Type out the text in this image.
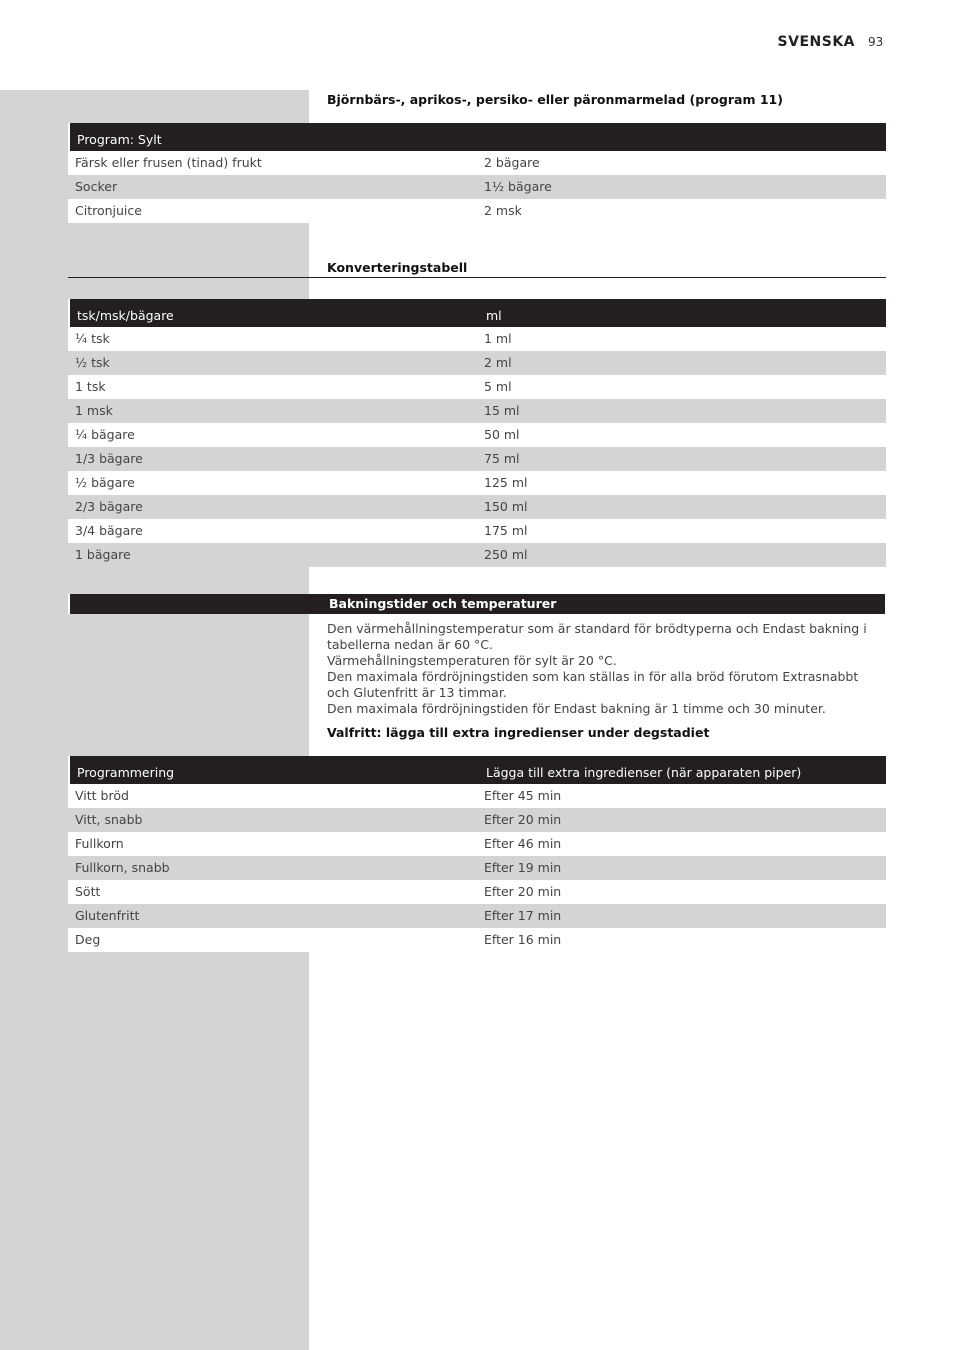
SVENSKA 93
Björnbärs-, aprikos-, persiko- eller päronmarmelad (program 11)
Program: Sylt
Färsk eller frusen (tinad) frukt	2 bägare
Socker	1½ bägare
Citronjuice	2 msk
Konverteringstabell
tsk/msk/bägare	ml
¼ tsk	1 ml
½ tsk	2 ml
1 tsk	5 ml
1 msk	15 ml
¼ bägare	50 ml
1/3 bägare	75 ml
½ bägare	125 ml
2/3 bägare	150 ml
3/4 bägare	175 ml
1 bägare	250 ml
Bakningstider och temperaturer

Den värmehållningstemperatur som är standard för brödtyperna och Endast bakning i tabellerna nedan är 60 °C.

Värmehållningstemperaturen för sylt är 20 °C.

Den maximala fördröjningstiden som kan ställas in för alla bröd förutom Extrasnabbt och Glutenfritt är 13 timmar.

Den maximala fördröjningstiden för Endast bakning är 1 timme och 30 minuter.

Valfritt: lägga till extra ingredienser under degstadiet
Programmering	Lägga till extra ingredienser (när apparaten piper)
Vitt bröd	Efter 45 min
Vitt, snabb	Efter 20 min
Fullkorn	Efter 46 min
Fullkorn, snabb	Efter 19 min
Sött	Efter 20 min
Glutenfritt	Efter 17 min
Deg	Efter 16 min
